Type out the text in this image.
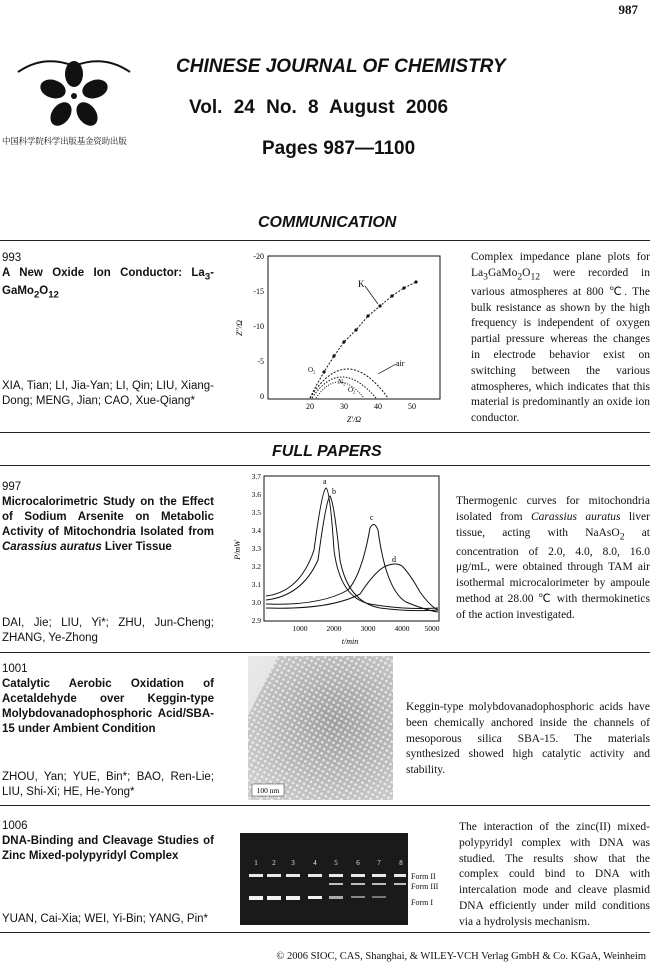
987
中国科学院科学出版基金资助出版
CHINESE JOURNAL OF CHEMISTRY
Vol. 24 No. 8 August 2006
Pages 987—1100
COMMUNICATION
993
A New Oxide Ion Conductor: $La_3-GaMo_2O_{12}$
XIA, Tian; LI, Jia-Yan; LI, Qin; LIU, Xiang-Dong; MENG, Jian; CAO, Xue-Qiang*
-20
-15
-10
-5
0
20	30	40	50
Z'/Ω
Z''/Ω
K
air
O₂
N₂
O₂
Complex impedance plane plots for $La_3GaMo_2O_{12}$ were recorded in various atmospheres at 800 ℃. The bulk resistance as shown by the high frequency is independent of oxygen partial pressure whereas the changes in electrode behavior exist on switching between the various atmospheres, which indicates that this material is predominantly an oxide ion conductor.
FULL PAPERS
997
Microcalorimetric Study on the Effect of Sodium Arsenite on Metabolic Activity of Mitochondria Isolated from Carassius auratus Liver Tissue
DAI, Jie; LIU, Yi*; ZHU, Jun-Cheng; ZHANG, Ye-Zhong
3.7
3.6
3.5
3.4
3.3
3.2
3.1
3.0
2.9
1000	2000	3000	4000 5000
t/min
P/mW
a
b
c
d
Thermogenic curves for mitochondria isolated from Carassius auratus liver tissue, acting with NaAsO$_2$ at concentration of 2.0, 4.0, 8.0, 16.0 μg/mL, were obtained through TAM air isothermal microcalorimeter by ampoule method at 28.00 ℃ with thermokinetics of the action investigated.
1001
Catalytic Aerobic Oxidation of Acetaldehyde over Keggin-type Molybdovanadophosphoric Acid/SBA-15 under Ambient Condition
ZHOU, Yan; YUE, Bin*; BAO, Ren-Lie; LIU, Shi-Xi; HE, He-Yong*	100 nm
Keggin-type molybdovanadophosphoric acids have been chemically anchored inside the channels of mesoporous silica SBA-15. The materials synthesized showed high catalytic activity and stability.
1006
DNA-Binding and Cleavage Studies of Zinc Mixed-polypyridyl Complex
YUAN, Cai-Xia; WEI, Yi-Bin; YANG, Pin*
1 2 3	4	5	6	7	8
Form II
Form III
Form I
The interaction of the zinc(II) mixed-polypyridyl complex with DNA was studied. The results show that the complex could bind to DNA with intercalation mode and cleave plasmid DNA efficiently under mild conditions via a hydrolysis mechanism.
© 2006 SIOC, CAS, Shanghai, & WILEY-VCH Verlag GmbH & Co. KGaA, Weinheim
